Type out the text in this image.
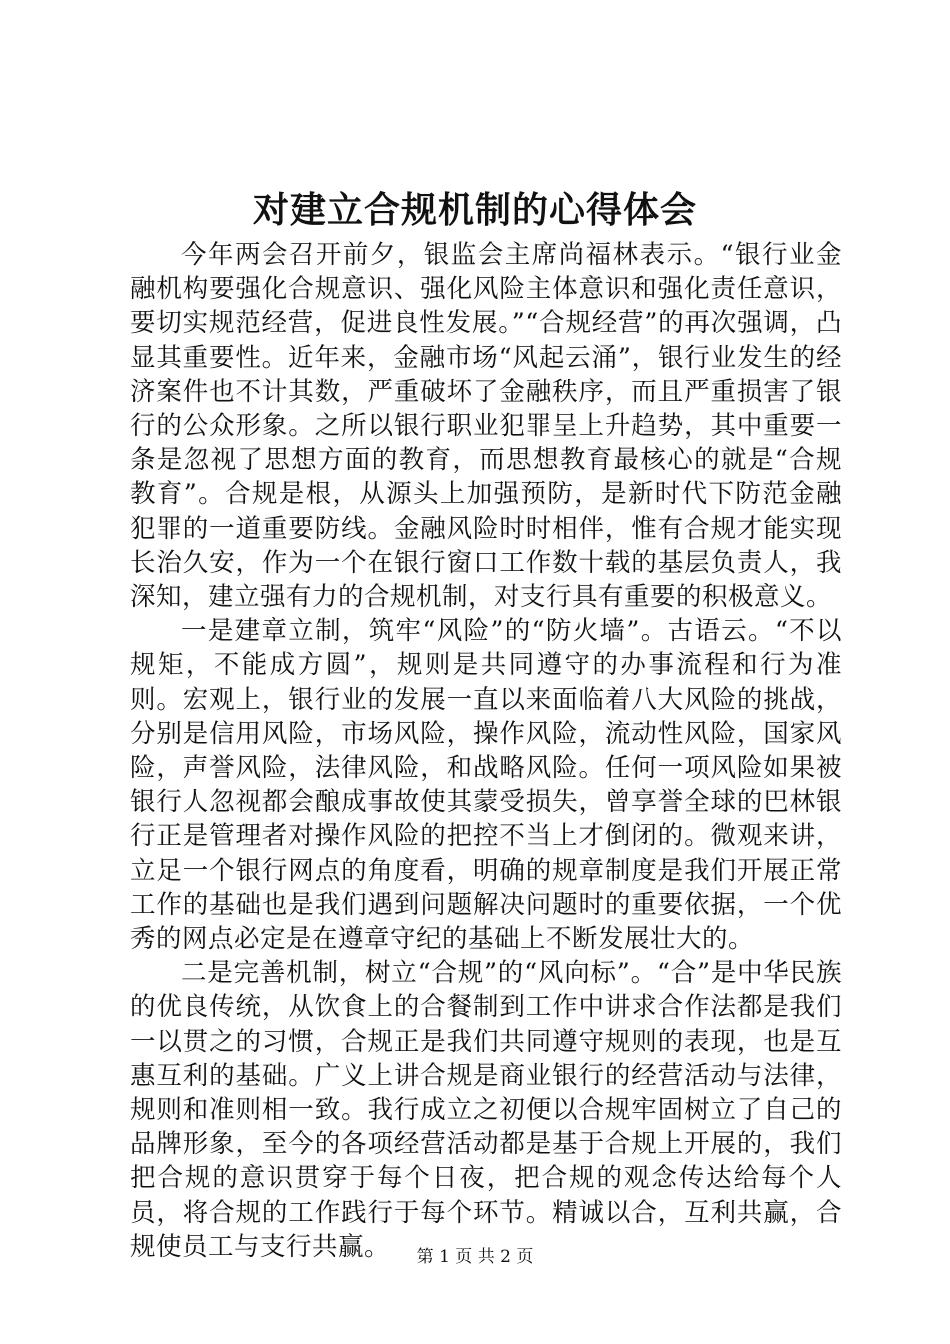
对建立合规机制的心得体会

今年两会召开前夕，银监会主席尚福林表示。“银行业金融机构要强化合规意识、强化风险主体意识和强化责任意识，要切实规范经营，促进良性发展。”“合规经营”的再次强调，凸显其重要性。近年来，金融市场“风起云涌”，银行业发生的经济案件也不计其数，严重破坏了金融秩序，而且严重损害了银行的公众形象。之所以银行职业犯罪呈上升趋势，其中重要一条是忽视了思想方面的教育，而思想教育最核心的就是“合规教育”。合规是根，从源头上加强预防，是新时代下防范金融犯罪的一道重要防线。金融风险时时相伴，惟有合规才能实现长治久安，作为一个在银行窗口工作数十载的基层负责人，我深知，建立强有力的合规机制，对支行具有重要的积极意义。

一是建章立制，筑牢“风险”的“防火墙”。古语云。“不以规矩，不能成方圆”，规则是共同遵守的办事流程和行为准则。宏观上，银行业的发展一直以来面临着八大风险的挑战，分别是信用风险，市场风险，操作风险，流动性风险，国家风险，声誉风险，法律风险，和战略风险。任何一项风险如果被银行人忽视都会酿成事故使其蒙受损失，曾享誉全球的巴林银行正是管理者对操作风险的把控不当上才倒闭的。微观来讲，立足一个银行网点的角度看，明确的规章制度是我们开展正常工作的基础也是我们遇到问题解决问题时的重要依据，一个优秀的网点必定是在遵章守纪的基础上不断发展壮大的。

二是完善机制，树立“合规”的“风向标”。“合”是中华民族的优良传统，从饮食上的合餐制到工作中讲求合作法都是我们一以贯之的习惯，合规正是我们共同遵守规则的表现，也是互惠互利的基础。广义上讲合规是商业银行的经营活动与法律，规则和准则相一致。我行成立之初便以合规牢固树立了自己的品牌形象，至今的各项经营活动都是基于合规上开展的，我们把合规的意识贯穿于每个日夜，把合规的观念传达给每个人员，将合规的工作践行于每个环节。精诚以合，互利共赢，合规使员工与支行共赢。	第 1 页 共 2 页
